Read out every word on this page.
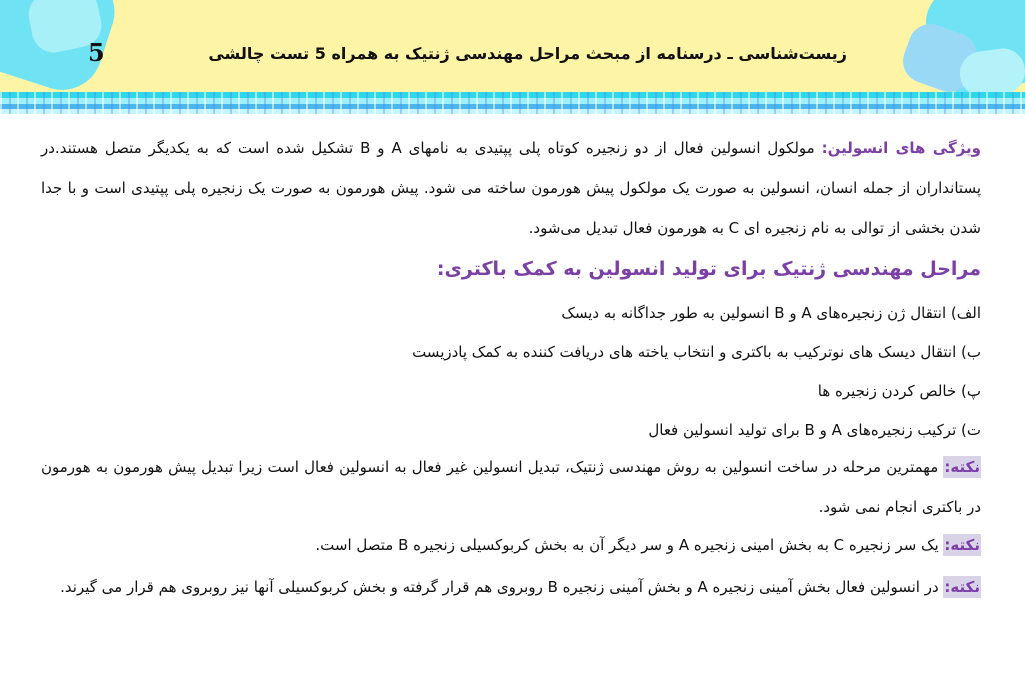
5	زیست‌شناسی ـ درسنامه از مبحث مراحل مهندسی ژنتیک به همراه 5 تست چالشی
ویژگی های انسولین: مولکول انسولین فعال از دو زنجیره کوتاه پلی پپتیدی به نامهای A و B تشکیل شده است که به یکدیگر متصل هستند.در پستانداران از جمله انسان، انسولین به صورت یک مولکول پیش هورمون ساخته می شود. پیش هورمون به صورت یک زنجیره پلی پپتیدی است و با جدا شدن بخشی از توالی به نام زنجیره ای C به هورمون فعال تبدیل می‌شود.
مراحل مهندسی ژنتیک برای تولید انسولین به کمک باکتری:
الف) انتقال ژن زنجیره‌های A و B انسولین به طور جداگانه به دیسک
ب) انتقال دیسک های نوترکیب به باکتری و انتخاب یاخته های دریافت کننده به کمک پادزیست
پ) خالص کردن زنجیره ها
ت) ترکیب زنجیره‌های A و B برای تولید انسولین فعال
نکته: مهمترین مرحله در ساخت انسولین به روش مهندسی ژنتیک، تبدیل انسولین غیر فعال به انسولین فعال است زیرا تبدیل پیش هورمون به هورمون در باکتری انجام نمی شود.
نکته: یک سر زنجیره C به بخش امینی زنجیره A و سر دیگر آن به بخش کربوکسیلی زنجیره B متصل است.
نکته: در انسولین فعال بخش آمینی زنجیره A و بخش آمینی زنجیره B روبروی هم قرار گرفته و بخش کربوکسیلی آنها نیز روبروی هم قرار می گیرند.
